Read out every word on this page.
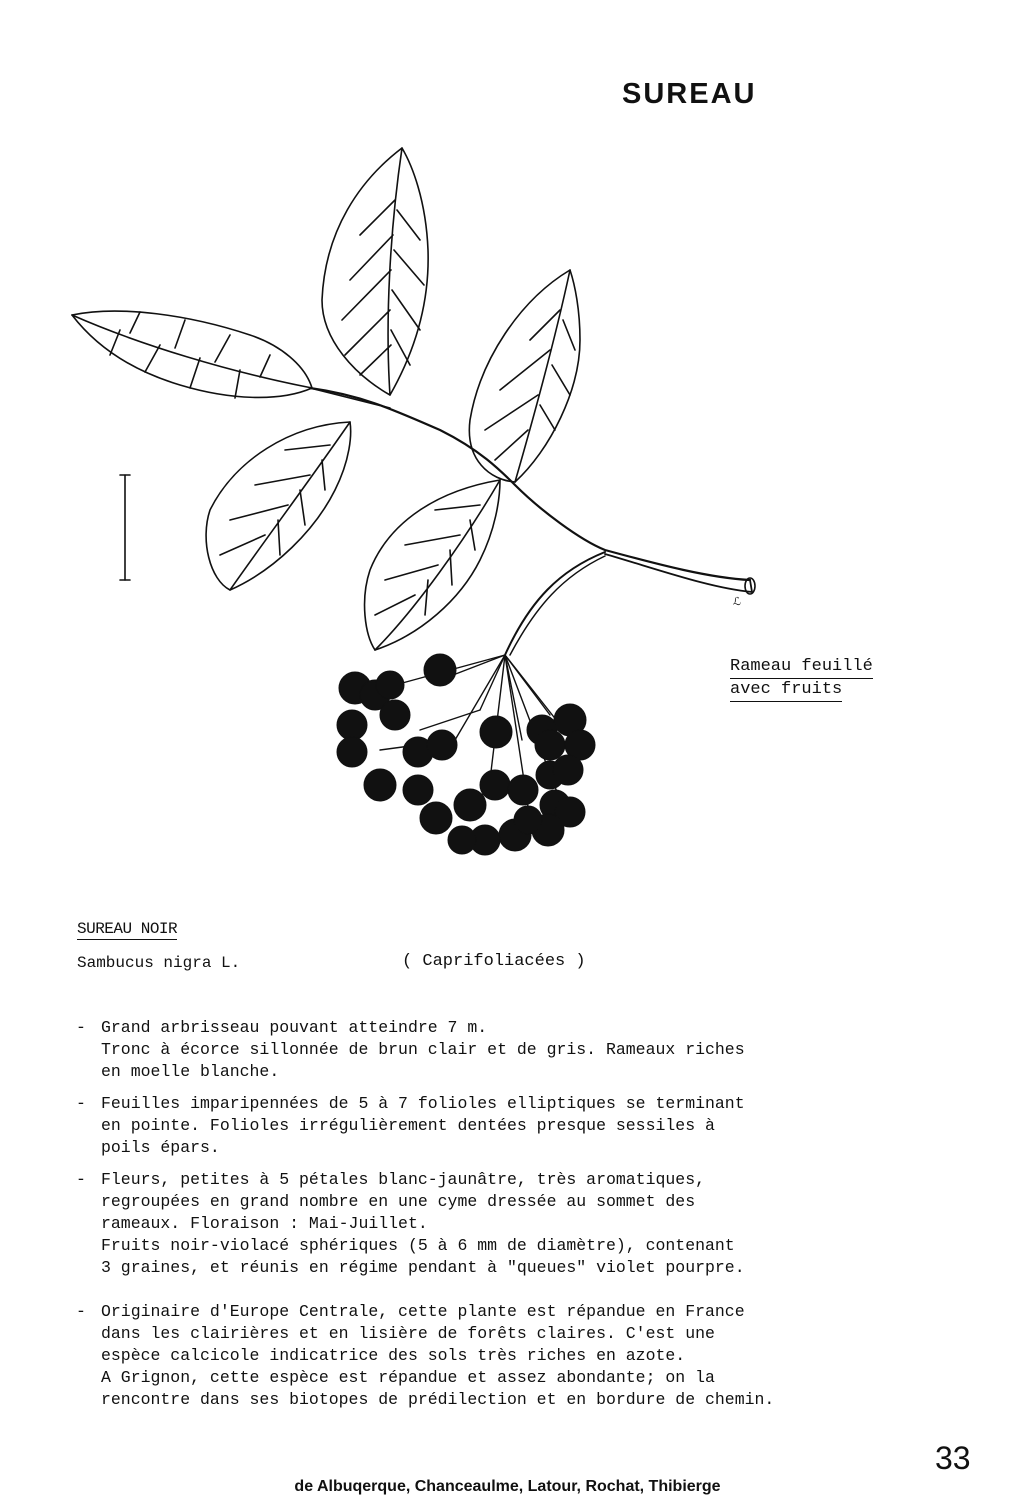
SUREAU
ℒ
Rameau feuillé
avec fruits
SUREAU NOIR
Sambucus nigra L.	( Caprifoliacées )
- Grand arbrisseau pouvant atteindre 7 m.
Tronc à écorce sillonnée de brun clair et de gris. Rameaux riches
en moelle blanche.
- Feuilles imparipennées de 5 à 7 folioles elliptiques se terminant
en pointe. Folioles irrégulièrement dentées presque sessiles à
poils épars.
- Fleurs, petites à 5 pétales blanc-jaunâtre, très aromatiques,
regroupées en grand nombre en une cyme dressée au sommet des
rameaux. Floraison : Mai-Juillet.
Fruits noir-violacé sphériques (5 à 6 mm de diamètre), contenant
3 graines, et réunis en régime pendant à "queues" violet pourpre.
- Originaire d'Europe Centrale, cette plante est répandue en France
dans les clairières et en lisière de forêts claires. C'est une
espèce calcicole indicatrice des sols très riches en azote.
A Grignon, cette espèce est répandue et assez abondante; on la
rencontre dans ses biotopes de prédilection et en bordure de chemin.
33
de Albuqerque, Chanceaulme, Latour, Rochat, Thibierge
